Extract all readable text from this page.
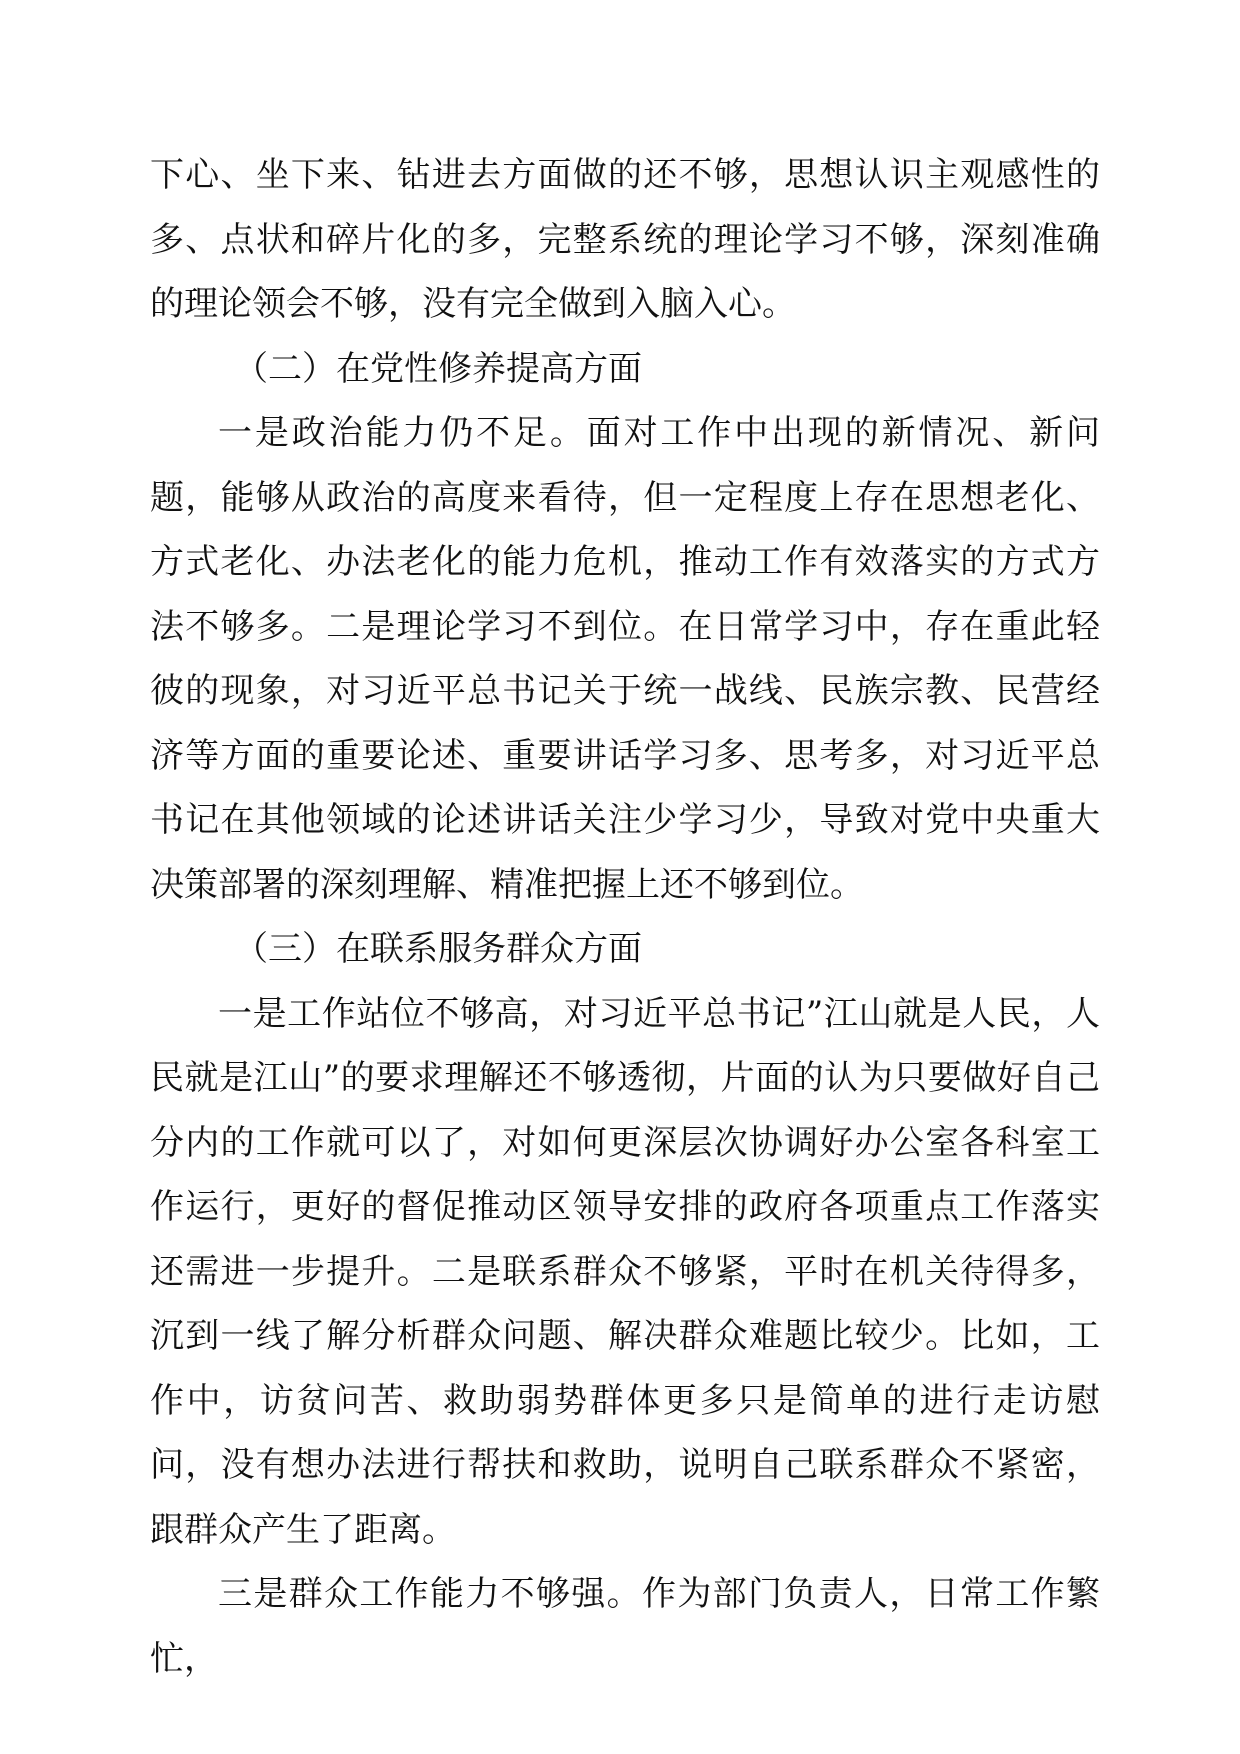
下心、坐下来、钻进去方面做的还不够，思想认识主观感性的多、点状和碎片化的多，完整系统的理论学习不够，深刻准确的理论领会不够，没有完全做到入脑入心。

（二）在党性修养提高方面

一是政治能力仍不足。面对工作中出现的新情况、新问题，能够从政治的高度来看待，但一定程度上存在思想老化、方式老化、办法老化的能力危机，推动工作有效落实的方式方法不够多。二是理论学习不到位。在日常学习中，存在重此轻彼的现象，对习近平总书记关于统一战线、民族宗教、民营经济等方面的重要论述、重要讲话学习多、思考多，对习近平总书记在其他领域的论述讲话关注少学习少，导致对党中央重大决策部署的深刻理解、精准把握上还不够到位。

（三）在联系服务群众方面

一是工作站位不够高，对习近平总书记”江山就是人民，人民就是江山”的要求理解还不够透彻，片面的认为只要做好自己分内的工作就可以了，对如何更深层次协调好办公室各科室工作运行，更好的督促推动区领导安排的政府各项重点工作落实还需进一步提升。二是联系群众不够紧，平时在机关待得多，沉到一线了解分析群众问题、解决群众难题比较少。比如，工作中，访贫问苦、救助弱势群体更多只是简单的进行走访慰问，没有想办法进行帮扶和救助，说明自己联系群众不紧密，跟群众产生了距离。

三是群众工作能力不够强。作为部门负责人，日常工作繁忙，
